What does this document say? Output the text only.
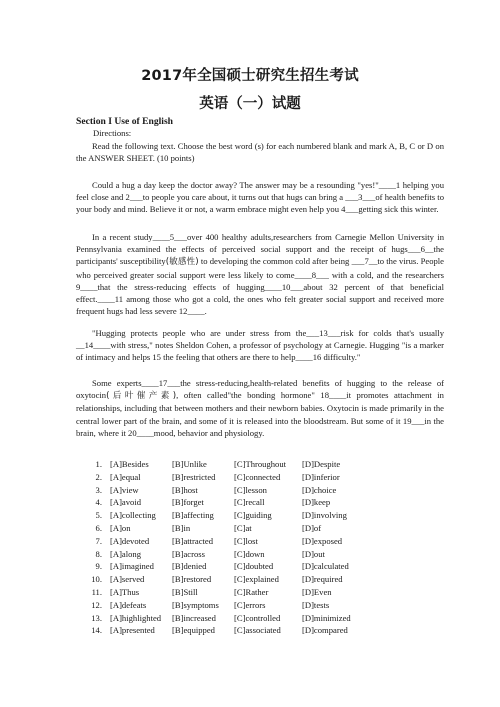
2017年全国硕士研究生招生考试
英语（一）试题
Section I Use of English
Directions:
Read the following text. Choose the best word (s) for each numbered blank and mark A, B, C or D on the ANSWER SHEET. (10 points)
Could a hug a day keep the doctor away? The answer may be a resounding "yes!"____1 helping you feel close and 2___to people you care about, it turns out that hugs can bring a ___3___of health benefits to your body and mind. Believe it or not, a warm embrace might even help you 4___getting sick this winter.
In a recent study____5___over 400 healthy adults,researchers from Carnegie Mellon University in Pennsylvania examined the effects of perceived social support and the receipt of hugs___6__the participants' susceptibility(敏感性) to developing the common cold after being ___7__to the virus. People who perceived greater social support were less likely to come____8___ with a cold, and the researchers 9____that the stress-reducing effects of hugging____10___about 32 percent of that beneficial effect.____11 among those who got a cold, the ones who felt greater social support and received more frequent hugs had less severe 12____.
"Hugging protects people who are under stress from the___13___risk for colds that's usually __14____with stress," notes Sheldon Cohen, a professor of psychology at Carnegie. Hugging "is a marker of intimacy and helps 15 the feeling that others are there to help____16 difficulty."
Some experts____17___the stress-reducing,health-related benefits of hugging to the release of oxytocin(后叶催产素), often called"the bonding hormone" 18____it promotes attachment in relationships, including that between mothers and their newborn babies. Oxytocin is made primarily in the central lower part of the brain, and some of it is released into the bloodstream. But some of it 19___in the brain, where it 20____mood, behavior and physiology.
1. [A]Besides	[B]Unlike	[C]Throughout [D]Despite
2. [A]equal	[B]restricted [C]connected	[D]inferior
3. [A]view	[B]host	[C]lesson	[D]choice
4. [A]avoid	[B]forget	[C]recall	[D]keep
5. [A]collecting [B]affecting [C]guiding	[D]involving
6. [A]on	[B]in	[C]at	[D]of
7. [A]devoted	[B]attracted [C]lost	[D]exposed
8. [A]along	[B]across	[C]down	[D]out
9. [A]imagined [B]denied	[C]doubted	[D]calculated
10. [A]served	[B]restored	[C]explained	[D]required
11. [A]Thus	[B]Still	[C]Rather	[D]Even
12. [A]defeats	[B]symptoms [C]errors	[D]tests
13. [A]highlighted [B]increased [C]controlled	[D]minimized
14. [A]presented [B]equipped [C]associated [D]compared
